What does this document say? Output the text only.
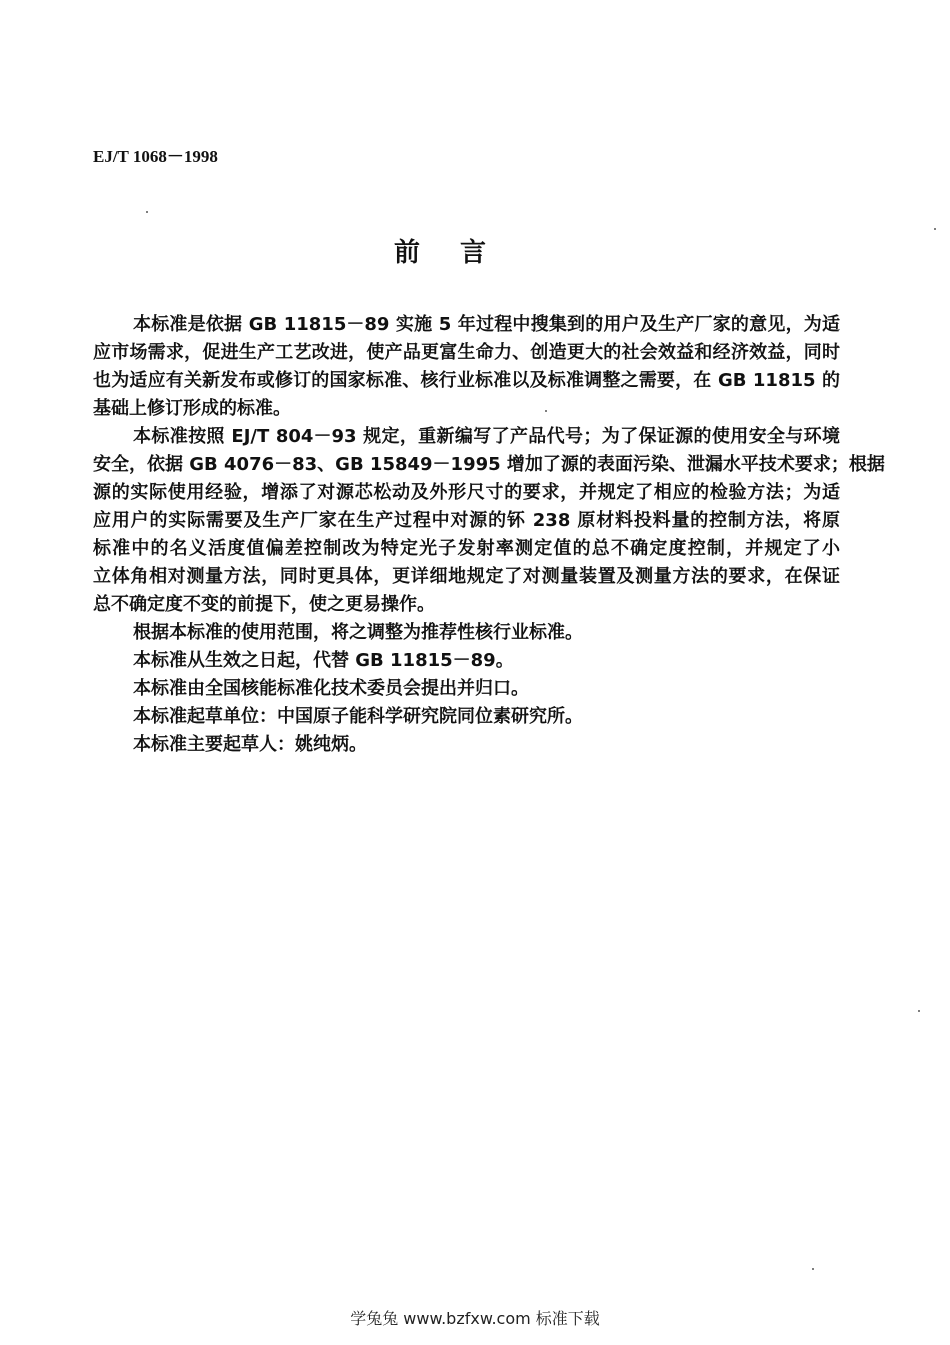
EJ/T 1068－1998
前言
本标准是依据 GB 11815－89 实施 5 年过程中搜集到的用户及生产厂家的意见，为适
应市场需求，促进生产工艺改进，使产品更富生命力、创造更大的社会效益和经济效益，同时
也为适应有关新发布或修订的国家标准、核行业标准以及标准调整之需要，在 GB 11815 的
基础上修订形成的标准。
本标准按照 EJ/T 804－93 规定，重新编写了产品代号；为了保证源的使用安全与环境
安全，依据 GB 4076－83、GB 15849－1995 增加了源的表面污染、泄漏水平技术要求；根据
源的实际使用经验，增添了对源芯松动及外形尺寸的要求，并规定了相应的检验方法；为适
应用户的实际需要及生产厂家在生产过程中对源的钚 238 原材料投料量的控制方法，将原
标准中的名义活度值偏差控制改为特定光子发射率测定值的总不确定度控制，并规定了小
立体角相对测量方法，同时更具体，更详细地规定了对测量装置及测量方法的要求，在保证
总不确定度不变的前提下，使之更易操作。
根据本标准的使用范围，将之调整为推荐性核行业标准。
本标准从生效之日起，代替 GB 11815－89。
本标准由全国核能标准化技术委员会提出并归口。
本标准起草单位：中国原子能科学研究院同位素研究所。
本标准主要起草人：姚纯炳。
学兔兔 www.bzfxw.com 标准下载
